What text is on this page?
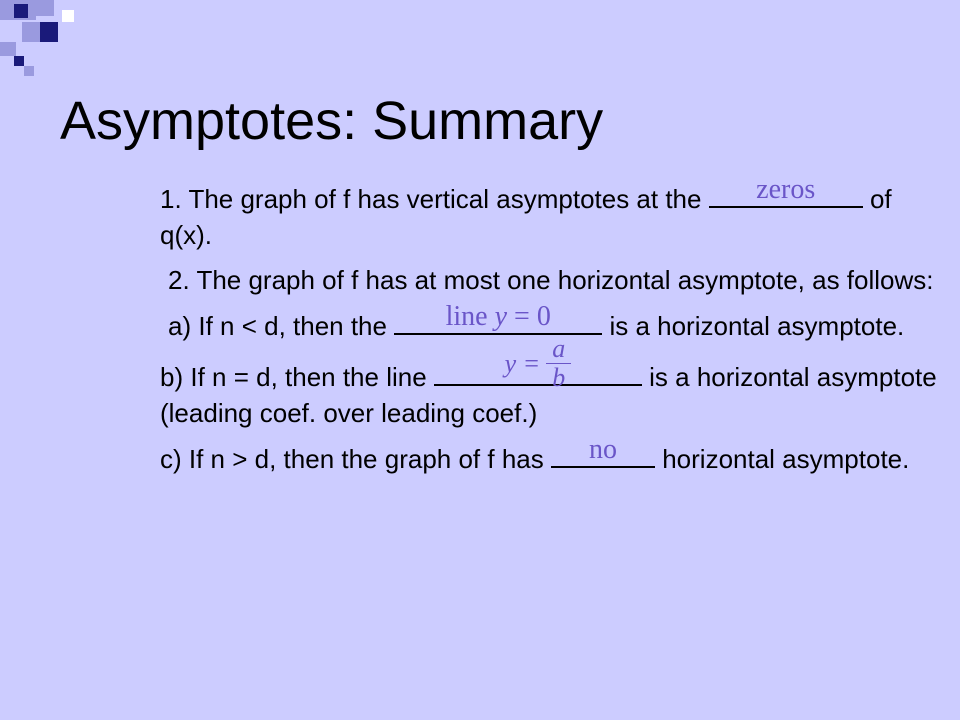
Asymptotes: Summary

1. The graph of f has vertical asymptotes at the	zeros	of q(x).

2. The graph of f has at most one horizontal asymptote, as follows:

a) If n < d, then the	line y = 0	is a horizontal asymptote.

b) If n = d, then the line	$y = \frac{a}{b}$	is a horizontal asymptote (leading coef. over leading coef.)

c) If n > d, then the graph of f has	no	horizontal asymptote.
